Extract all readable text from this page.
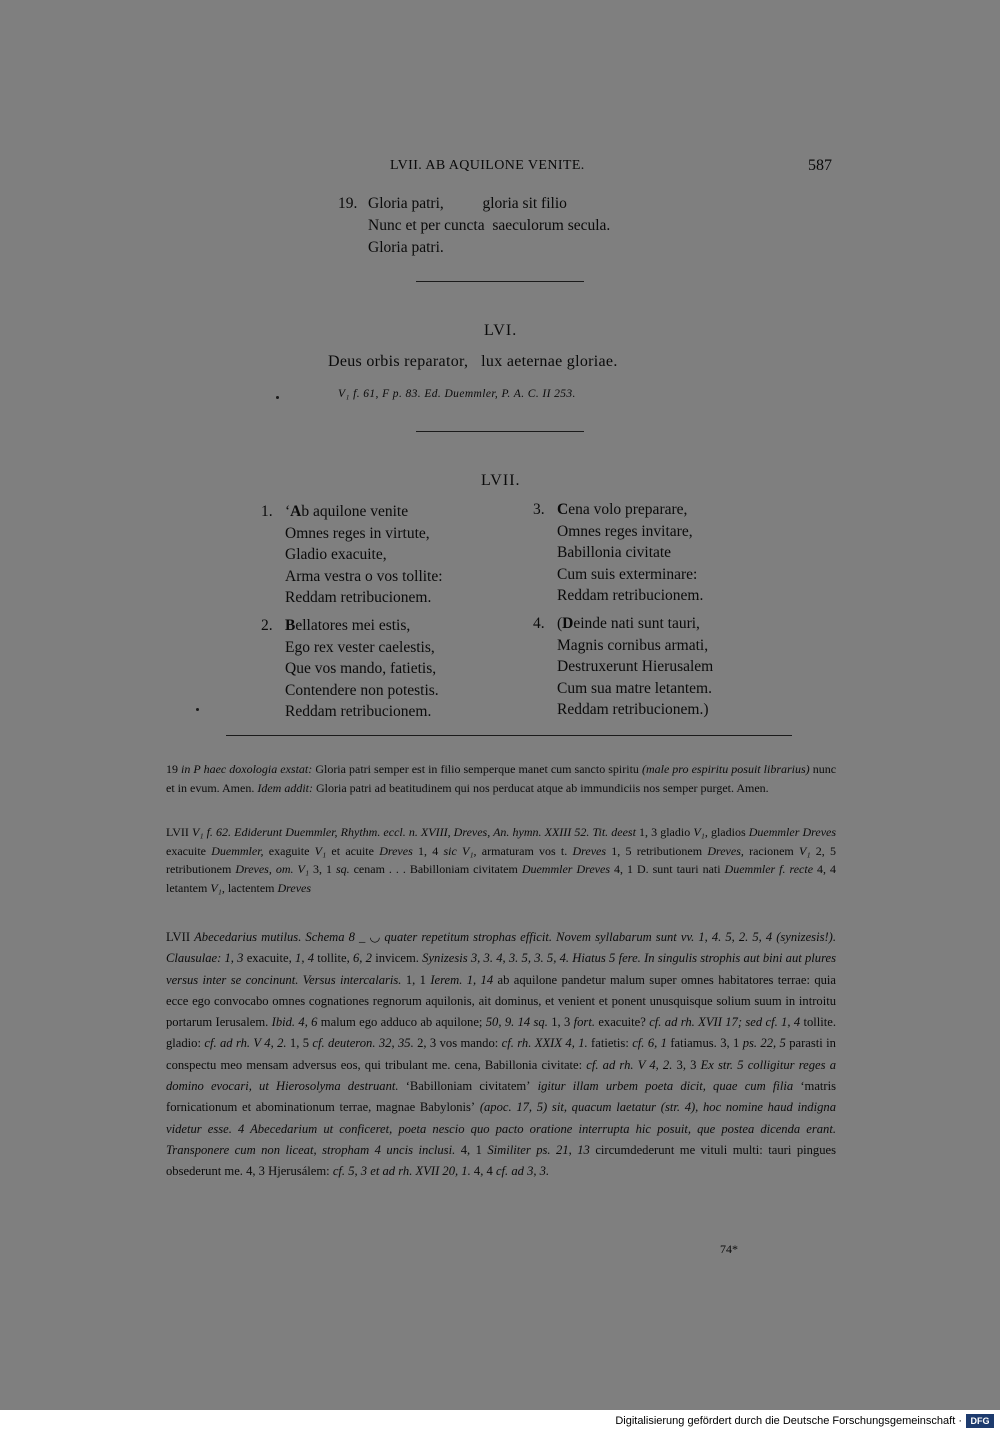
LVII. AB AQUILONE VENITE.	587
19. Gloria patri,          gloria sit filio
Nunc et per cuncta  saeculorum secula.
Gloria patri.
LVI.
Deus orbis reparator,   lux aeternae gloriae.
V₁ f. 61, F p. 83. Ed. Duemmler, P. A. C. II 253.
LVII.
1. ʻAb aquilone venite
Omnes reges in virtute,
Gladio exacuite,
Arma vestra o vos tollite:
Reddam retribucionem.
2. Bellatores mei estis,
Ego rex vester caelestis,
Que vos mando, fatietis,
Contendere non potestis.
Reddam retribucionem.
3. Cena volo preparare,
Omnes reges invitare,
Babillonia civitate
Cum suis exterminare:
Reddam retribucionem.
4. (Deinde nati sunt tauri,
Magnis cornibus armati,
Destruxerunt Hierusalem
Cum sua matre letantem.
Reddam retribucionem.)

19 in P haec doxologia exstat: Gloria patri semper est in filio semperque manet cum sancto spiritu (male pro espiritu posuit librarius) nunc et in evum. Amen. Idem addit: Gloria patri ad beatitudinem qui nos perducat atque ab immundiciis nos semper purget. Amen.

LVII V₁ f. 62. Ediderunt Duemmler, Rhythm. eccl. n. XVIII, Dreves, An. hymn. XXIII 52. Tit. deest 1, 3 gladio V₁, gladios Duemmler Dreves exacuite Duemmler, exaguite V₁ et acuite Dreves 1, 4 sic V₁, armaturam vos t. Dreves 1, 5 retributionem Dreves, racionem V₁ 2, 5 retributionem Dreves, om. V₁ 3, 1 sq. cenam . . . Babilloniam civitatem Duemmler Dreves 4, 1 D. sunt tauri nati Duemmler f. recte 4, 4 letantem V₁, lactentem Dreves

LVII Abecedarius mutilus. Schema 8 _ ◡ quater repetitum strophas efficit. Novem syllabarum sunt vv. 1, 4. 5, 2. 5, 4 (synizesis!). Clausulae: 1, 3 exacuite, 1, 4 tollite, 6, 2 invicem. Synizesis 3, 3. 4, 3. 5, 3. 5, 4. Hiatus 5 fere. In singulis strophis aut bini aut plures versus inter se concinunt. Versus intercalaris. 1, 1 Ierem. 1, 14 ab aquilone pandetur malum super omnes habitatores terrae: quia ecce ego convocabo omnes cognationes regnorum aquilonis, ait dominus, et venient et ponent unusquisque solium suum in introitu portarum Ierusalem. Ibid. 4, 6 malum ego adduco ab aquilone; 50, 9. 14 sq. 1, 3 fort. exacuite? cf. ad rh. XVII 17; sed cf. 1, 4 tollite. gladio: cf. ad rh. V 4, 2. 1, 5 cf. deuteron. 32, 35. 2, 3 vos mando: cf. rh. XXIX 4, 1. fatietis: cf. 6, 1 fatiamus. 3, 1 ps. 22, 5 parasti in conspectu meo mensam adversus eos, qui tribulant me. cena, Babillonia civitate: cf. ad rh. V 4, 2. 3, 3 Ex str. 5 colligitur reges a domino evocari, ut Hierosolyma destruant. ʻBabilloniam civitatemʼ igitur illam urbem poeta dicit, quae cum filia ʻmatris fornicationum et abominationum terrae, magnae Babylonisʼ (apoc. 17, 5) sit, quacum laetatur (str. 4), hoc nomine haud indigna videtur esse. 4 Abecedarium ut conficeret, poeta nescio quo pacto oratione interrupta hic posuit, que postea dicenda erant. Transponere cum non liceat, stropham 4 uncis inclusi. 4, 1 Similiter ps. 21, 13 circumdederunt me vituli multi: tauri pingues obsederunt me. 4, 3 Hjerusálem: cf. 5, 3 et ad rh. XVII 20, 1. 4, 4 cf. ad 3, 3.

74*
Digitalisierung gefördert durch die Deutsche Forschungsgemeinschaft · DFG
